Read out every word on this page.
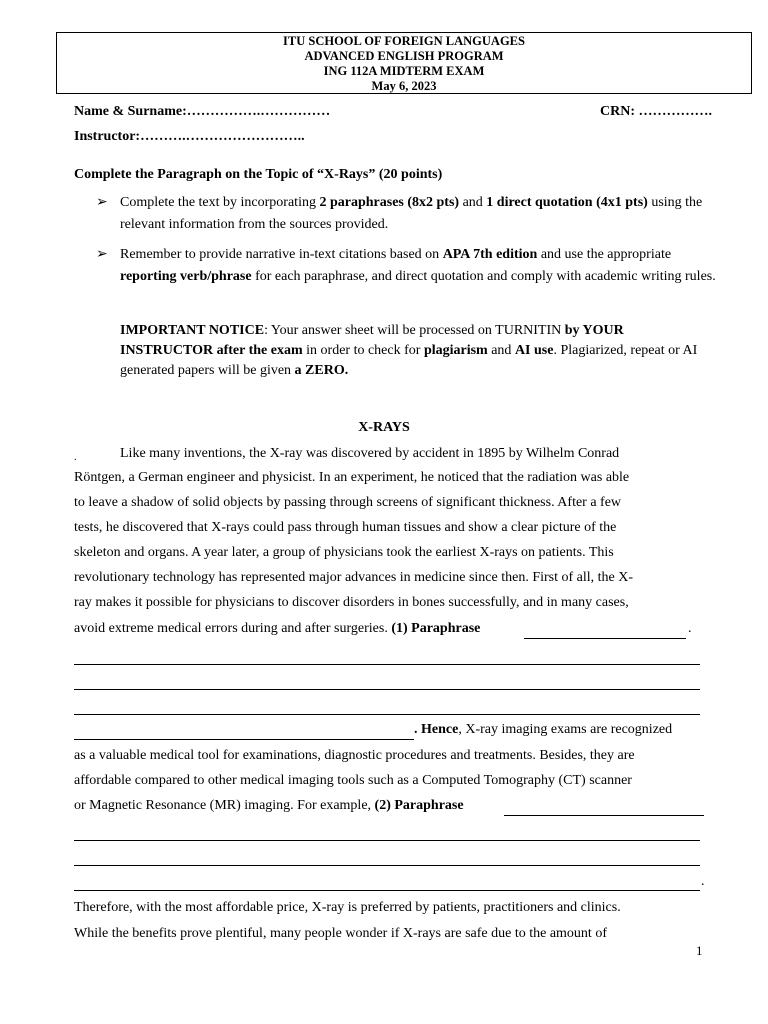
ITU SCHOOL OF FOREIGN LANGUAGES
ADVANCED ENGLISH PROGRAM
ING 112A MIDTERM EXAM
May 6, 2023
Name & Surname:…………….……………	CRN: …………….
Instructor:……….……………………..
Complete the Paragraph on the Topic of “X-Rays” (20 points)
➢ Complete the text by incorporating 2 paraphrases (8x2 pts) and 1 direct quotation (4x1 pts) using the relevant information from the sources provided.
➢ Remember to provide narrative in-text citations based on APA 7th edition and use the appropriate reporting verb/phrase for each paraphrase, and direct quotation and comply with academic writing rules.
IMPORTANT NOTICE: Your answer sheet will be processed on TURNITIN by YOUR INSTRUCTOR after the exam in order to check for plagiarism and AI use. Plagiarized, repeat or AI generated papers will be given a ZERO.
X-RAYS
.	Like many inventions, the X-ray was discovered by accident in 1895 by Wilhelm Conrad
Röntgen, a German engineer and physicist. In an experiment, he noticed that the radiation was able
to leave a shadow of solid objects by passing through screens of significant thickness. After a few
tests, he discovered that X-rays could pass through human tissues and show a clear picture of the
skeleton and organs. A year later, a group of physicians took the earliest X-rays on patients. This
revolutionary technology has represented major advances in medicine since then. First of all, the X-
ray makes it possible for physicians to discover disorders in bones successfully, and in many cases,
avoid extreme medical errors during and after surgeries. (1) Paraphrase	.
. Hence, X-ray imaging exams are recognized
as a valuable medical tool for examinations, diagnostic procedures and treatments. Besides, they are
affordable compared to other medical imaging tools such as a Computed Tomography (CT) scanner
or Magnetic Resonance (MR) imaging. For example, (2) Paraphrase
.
Therefore, with the most affordable price, X-ray is preferred by patients, practitioners and clinics.
While the benefits prove plentiful, many people wonder if X-rays are safe due to the amount of
1
